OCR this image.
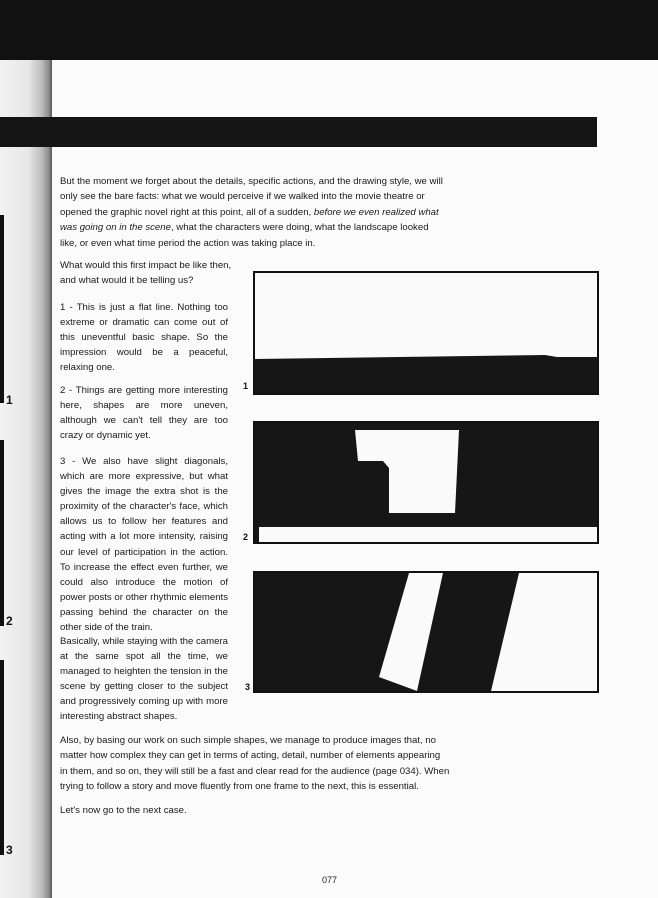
1
2
3
But the moment we forget about the details, specific actions, and the drawing style, we will
only see the bare facts: what we would perceive if we walked into the movie theatre or
opened the graphic novel right at this point, all of a sudden, before we even realized what
was going on in the scene, what the characters were doing, what the landscape looked
like, or even what time period the action was taking place in.
What would this first impact be like then,
and what would it be telling us?

1 - This is just a flat line. Nothing too extreme or dramatic can come out of this uneventful basic shape. So the impression would be a peaceful, relaxing one.

2 - Things are getting more interesting here, shapes are more uneven, although we can't tell they are too crazy or dynamic yet.

3 - We also have slight diagonals, which are more expressive, but what gives the image the extra shot is the proximity of the character's face, which allows us to follow her features and acting with a lot more intensity, raising our level of participation in the action. To increase the effect even further, we could also introduce the motion of power posts or other rhythmic elements passing behind the character on the other side of the train.

Basically, while staying with the camera at the same spot all the time, we managed to heighten the tension in the scene by getting closer to the subject and progressively coming up with more interesting abstract shapes.

1
2
3
Also, by basing our work on such simple shapes, we manage to produce images that, no
matter how complex they can get in terms of acting, detail, number of elements appearing
in them, and so on, they will still be a fast and clear read for the audience (page 034). When
trying to follow a story and move fluently from one frame to the next, this is essential.
Let's now go to the next case.
077
